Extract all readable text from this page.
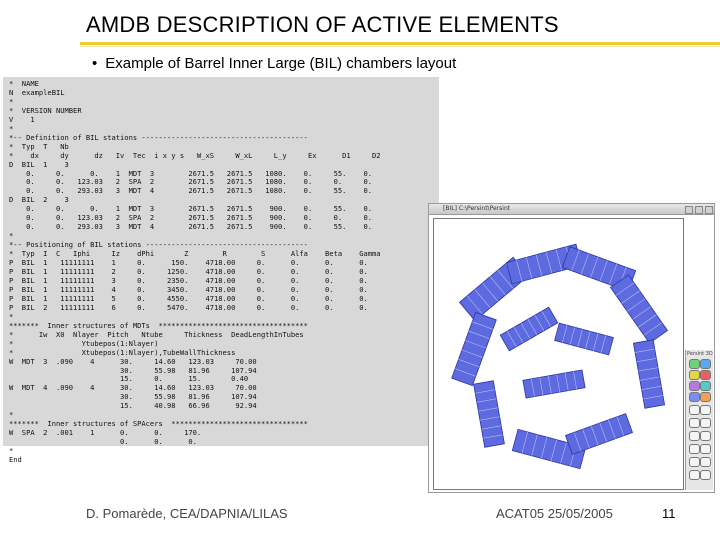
AMDB DESCRIPTION OF ACTIVE ELEMENTS
• Example of Barrel Inner Large (BIL) chambers layout
*  NAME
N  exampleBIL
*
*  VERSION NUMBER
V    1
*
*-- Definition of BIL stations ---------------------------------------
*  Typ  T   Nb
*    dx     dy      dz   Iv  Tec  i x y s   W_xS     W_xL     L_y     Ex      D1     D2
D  BIL  1    3
0.     0.      0.    1  MDT  3        2671.5   2671.5   1080.    0.     55.    0.
0.     0.   123.03   2  SPA  2        2671.5   2671.5   1080.    0.     0.     0.
0.     0.   293.03   3  MDT  4        2671.5   2671.5   1080.    0.     55.    0.
D  BIL  2    3
0.     0.      0.    1  MDT  3        2671.5   2671.5    900.    0.     55.    0.
0.     0.   123.03   2  SPA  2        2671.5   2671.5    900.    0.     0.     0.
0.     0.   293.03   3  MDT  4        2671.5   2671.5    900.    0.     55.    0.
*
*-- Positioning of BIL stations --------------------------------------
*  Typ  I  C   Iphi     Iz    dPhi       Z        R        S      Alfa    Beta    Gamma
P  BIL  1   11111111    1     0.      150.    4718.00     0.      0.      0.      0.
P  BIL  1   11111111    2     0.     1250.    4718.00     0.      0.      0.      0.
P  BIL  1   11111111    3     0.     2350.    4718.00     0.      0.      0.      0.
P  BIL  1   11111111    4     0.     3450.    4718.00     0.      0.      0.      0.
P  BIL  1   11111111    5     0.     4550.    4718.00     0.      0.      0.      0.
P  BIL  2   11111111    6     0.     5470.    4718.00     0.      0.      0.      0.
*
*******  Inner structures of MDTs  ***********************************
*      Iw  X0  Nlayer  Pitch   Ntube     Thickness  DeadLengthInTubes
*                Ytubepos(1:Nlayer)
*                Xtubepos(1:Nlayer),TubeWallThickness
W  MDT  3  .090    4      30.     14.60   123.03     70.00
30.     55.98   81.96     107.94
15.     0.      15.       0.40
W  MDT  4  .090    4      30.     14.60   123.03     70.00
30.     55.98   81.96     107.94
15.     40.98   66.96      92.94
*
*******  Inner structures of SPAcers  ********************************
W  SPA  2  .001    1      0.      0.     170.
0.      0.      0.
*
End
[BIL] C:\Persint\Persint
Persint 3D
D. Pomarède, CEA/DAPNIA/LILAS	ACAT05 25/05/2005	11
